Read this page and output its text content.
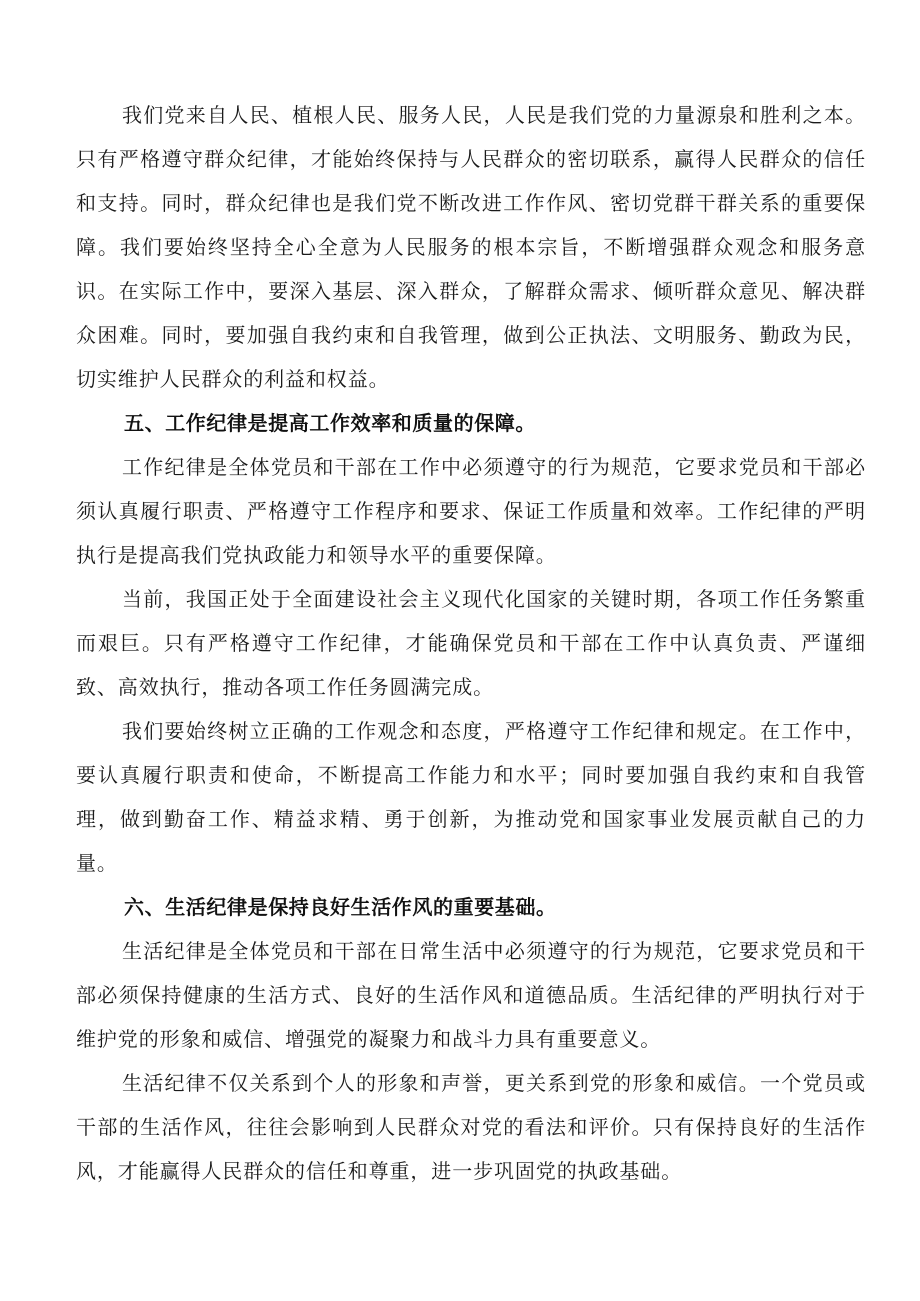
我们党来自人民、植根人民、服务人民，人民是我们党的力量源泉和胜利之本。只有严格遵守群众纪律，才能始终保持与人民群众的密切联系，赢得人民群众的信任和支持。同时，群众纪律也是我们党不断改进工作作风、密切党群干群关系的重要保障。我们要始终坚持全心全意为人民服务的根本宗旨，不断增强群众观念和服务意识。在实际工作中，要深入基层、深入群众，了解群众需求、倾听群众意见、解决群众困难。同时，要加强自我约束和自我管理，做到公正执法、文明服务、勤政为民，切实维护人民群众的利益和权益。

五、工作纪律是提高工作效率和质量的保障。

工作纪律是全体党员和干部在工作中必须遵守的行为规范，它要求党员和干部必须认真履行职责、严格遵守工作程序和要求、保证工作质量和效率。工作纪律的严明执行是提高我们党执政能力和领导水平的重要保障。

当前，我国正处于全面建设社会主义现代化国家的关键时期，各项工作任务繁重而艰巨。只有严格遵守工作纪律，才能确保党员和干部在工作中认真负责、严谨细致、高效执行，推动各项工作任务圆满完成。

我们要始终树立正确的工作观念和态度，严格遵守工作纪律和规定。在工作中，要认真履行职责和使命，不断提高工作能力和水平；同时要加强自我约束和自我管理，做到勤奋工作、精益求精、勇于创新，为推动党和国家事业发展贡献自己的力量。

六、生活纪律是保持良好生活作风的重要基础。

生活纪律是全体党员和干部在日常生活中必须遵守的行为规范，它要求党员和干部必须保持健康的生活方式、良好的生活作风和道德品质。生活纪律的严明执行对于维护党的形象和威信、增强党的凝聚力和战斗力具有重要意义。

生活纪律不仅关系到个人的形象和声誉，更关系到党的形象和威信。一个党员或干部的生活作风，往往会影响到人民群众对党的看法和评价。只有保持良好的生活作风，才能赢得人民群众的信任和尊重，进一步巩固党的执政基础。
